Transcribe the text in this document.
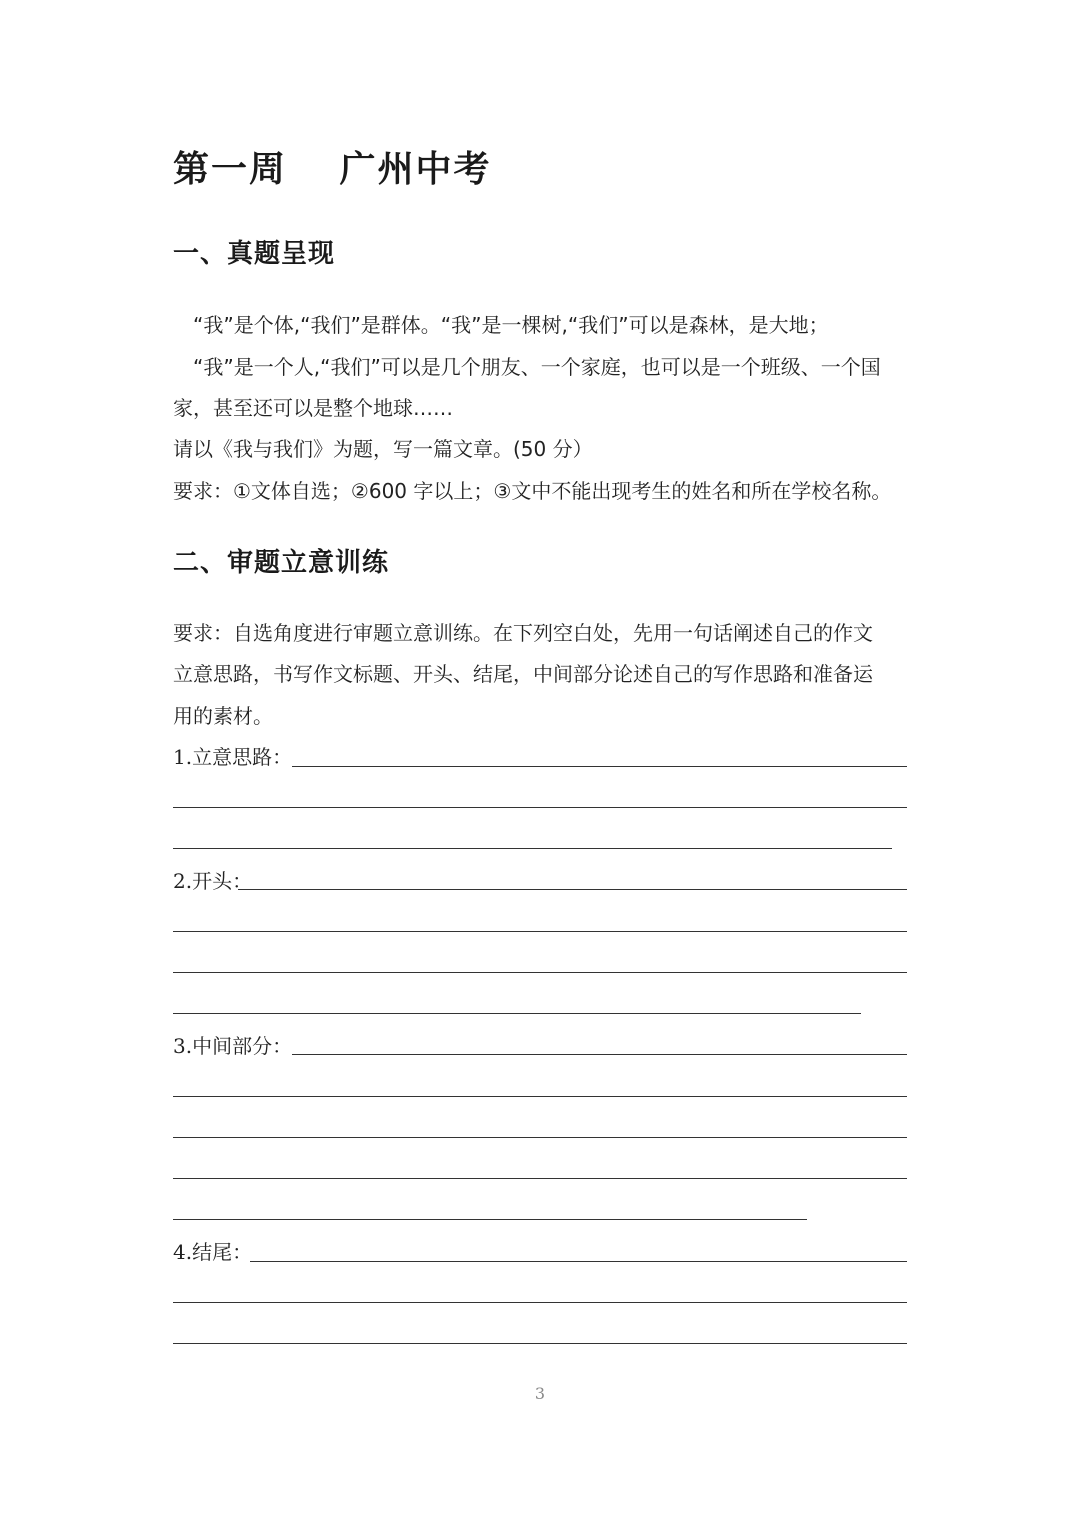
第一周　 广州中考
一、真题呈现
“我”是个体,“我们”是群体。“我”是一棵树,“我们”可以是森林，是大地；
“我”是一个人,“我们”可以是几个朋友、一个家庭，也可以是一个班级、一个国
家，甚至还可以是整个地球……
请以《我与我们》为题，写一篇文章。(50 分）
要求：①文体自选；②600 字以上；③文中不能出现考生的姓名和所在学校名称。
二、审题立意训练
要求：自选角度进行审题立意训练。在下列空白处，先用一句话阐述自己的作文
立意思路，书写作文标题、开头、结尾，中间部分论述自己的写作思路和准备运
用的素材。
1.立意思路：
2.开头：
3.中间部分：
4.结尾：
3
